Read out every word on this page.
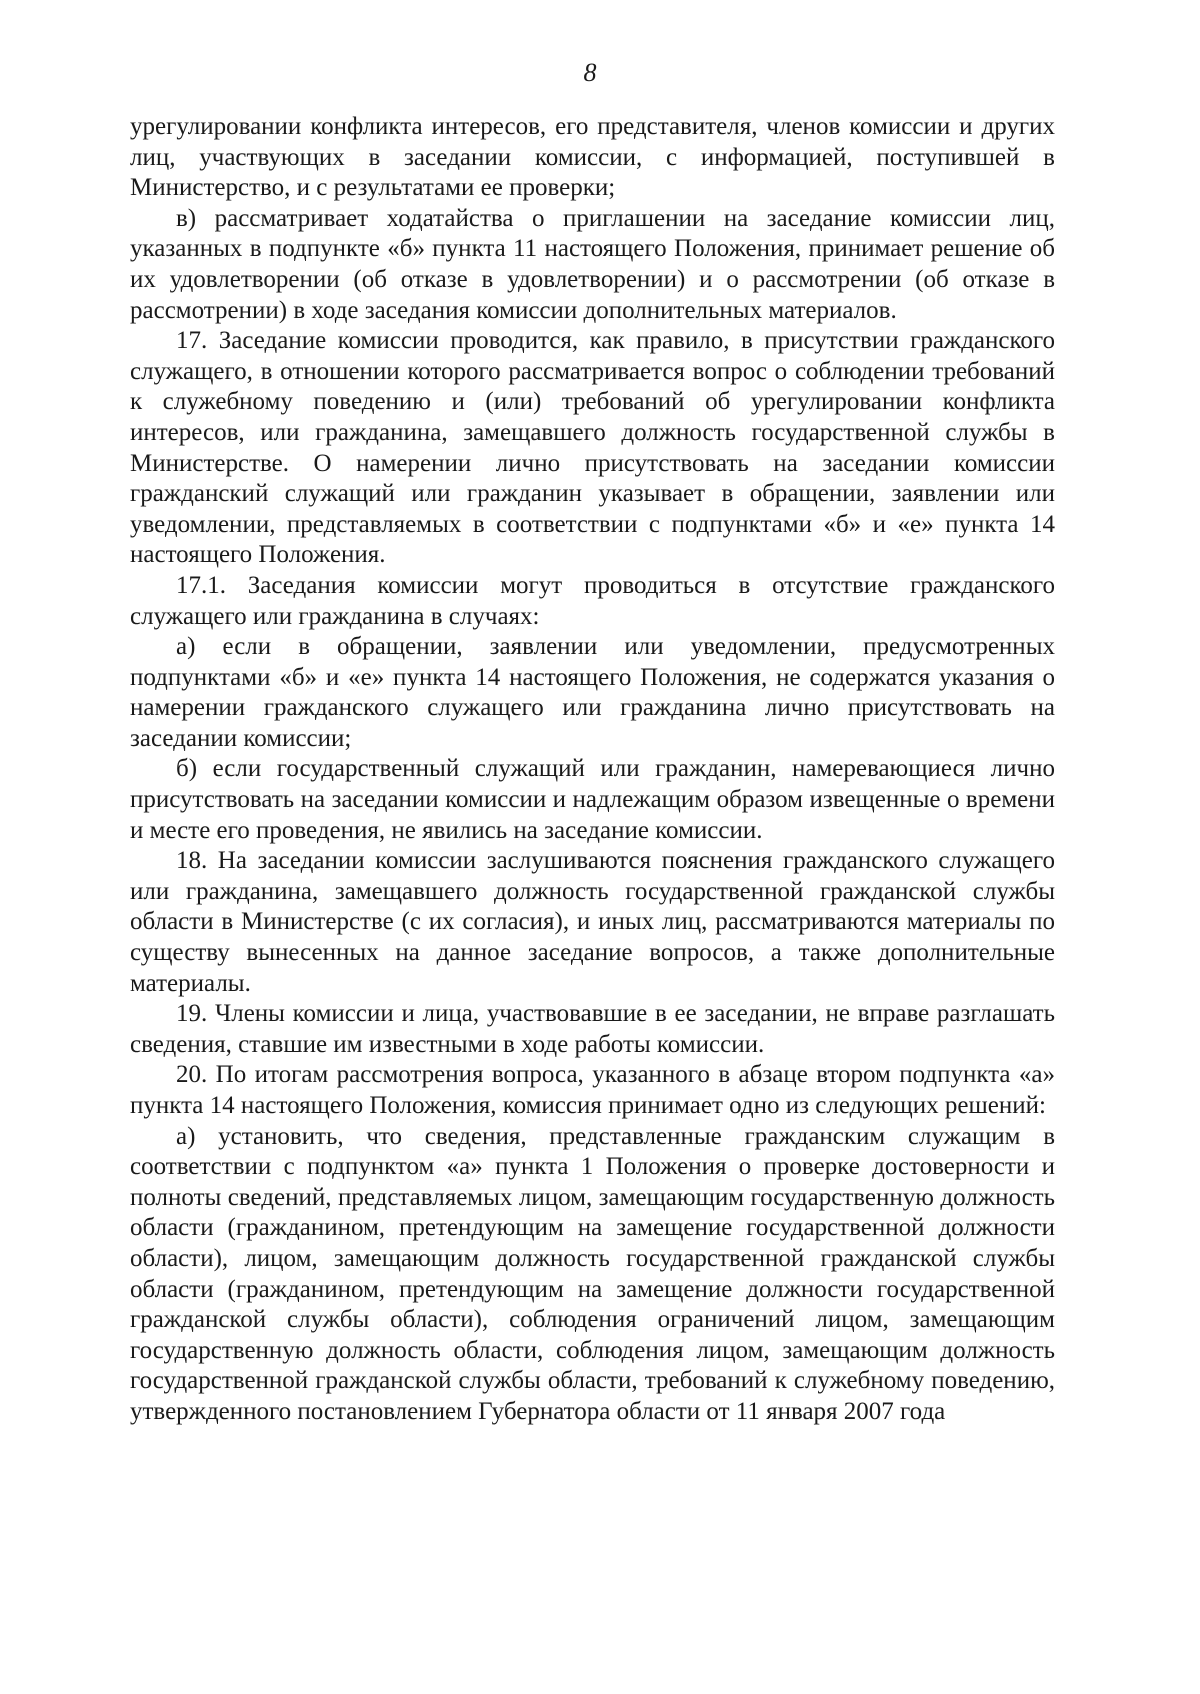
8

урегулировании конфликта интересов, его представителя, членов комиссии и других лиц, участвующих в заседании комиссии, с информацией, поступившей в Министерство, и с результатами ее проверки;

в) рассматривает ходатайства о приглашении на заседание комиссии лиц, указанных в подпункте «б» пункта 11 настоящего Положения, принимает решение об их удовлетворении (об отказе в удовлетворении) и о рассмотрении (об отказе в рассмотрении) в ходе заседания комиссии дополнительных материалов.

17. Заседание комиссии проводится, как правило, в присутствии гражданского служащего, в отношении которого рассматривается вопрос о соблюдении требований к служебному поведению и (или) требований об урегулировании конфликта интересов, или гражданина, замещавшего должность государственной службы в Министерстве. О намерении лично присутствовать на заседании комиссии гражданский служащий или гражданин указывает в обращении, заявлении или уведомлении, представляемых в соответствии с подпунктами «б» и «е» пункта 14 настоящего Положения.

17.1. Заседания комиссии могут проводиться в отсутствие гражданского служащего или гражданина в случаях:

а) если в обращении, заявлении или уведомлении, предусмотренных подпунктами «б» и «е» пункта 14 настоящего Положения, не содержатся указания о намерении гражданского служащего или гражданина лично присутствовать на заседании комиссии;

б) если государственный служащий или гражданин, намеревающиеся лично присутствовать на заседании комиссии и надлежащим образом извещенные о времени и месте его проведения, не явились на заседание комиссии.

18. На заседании комиссии заслушиваются пояснения гражданского служащего или гражданина, замещавшего должность государственной гражданской службы области в Министерстве (с их согласия), и иных лиц, рассматриваются материалы по существу вынесенных на данное заседание вопросов, а также дополнительные материалы.

19. Члены комиссии и лица, участвовавшие в ее заседании, не вправе разглашать сведения, ставшие им известными в ходе работы комиссии.

20. По итогам рассмотрения вопроса, указанного в абзаце втором подпункта «а» пункта 14 настоящего Положения, комиссия принимает одно из следующих решений:

а) установить, что сведения, представленные гражданским служащим в соответствии с подпунктом «а» пункта 1 Положения о проверке достоверности и полноты сведений, представляемых лицом, замещающим государственную должность области (гражданином, претендующим на замещение государственной должности области), лицом, замещающим должность государственной гражданской службы области (гражданином, претендующим на замещение должности государственной гражданской службы области), соблюдения ограничений лицом, замещающим государственную должность области, соблюдения лицом, замещающим должность государственной гражданской службы области, требований к служебному поведению, утвержденного постановлением Губернатора области от 11 января 2007 года
